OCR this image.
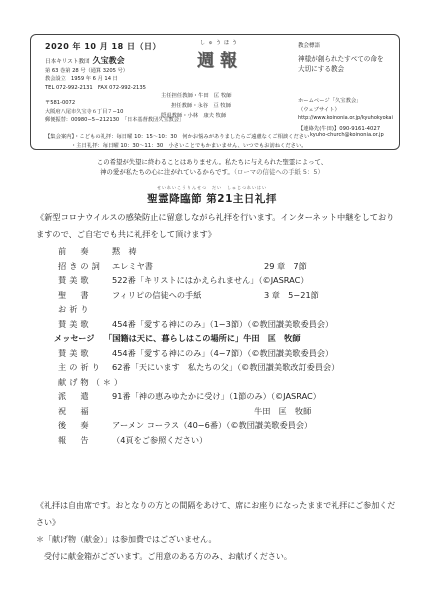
2020 年 10 月 18 日（日）
日本キリスト教団 久宝教会
第 63 巻第 28 号（通算 3205 号）
教会設立　1959 年 6 月 14 日
TEL 072-992-2131　FAX 072-992-2135
しゅうほう
週報
主任担任教師・牛田　匡 牧師
担任教師・永谷　亘 牧師
隠退教師・小林　康夫 牧師
教会標語
神様が創られたすべての命を
大切にする教会
ホームページ「久宝教会」
（ウェブサイト）
http://www.koinonia.or.jp/kyuhokyokai
【連絡先(牛田)】090-9161-4027
kyuho-church@koinonia.or.jp
〒581-0072
大阪府八尾市久宝寺６丁目７−10
郵便振替：00980−5−212130　「日本基督教団久宝教会」
【集会案内】・こどもの礼拝：毎日曜 10：15～10：30　何かお悩みがありましたらご遠慮なくご相談ください
・主日礼拝：毎日曜 10：30～11：30　小さいことでもかまいません、いつでもお訪ねください。
この希望が失望に終わることはありません。私たちに与えられた聖霊によって、
神の愛が私たちの心に注がれているからです。（ローマの信徒への手紙 5：5）
せいれいこうりんせつ　だい　しゅじつれいはい
聖霊降臨節 第21主日礼拝
《新型コロナウイルスの感染防止に留意しながら礼拝を行います。インターネット中継をしておりますので、ご自宅でも共に礼拝をして頂けます》
前　奏 黙　祷
招きの詞 エレミヤ書	29 章　7節
賛美歌 522番「キリストにはかえられません」（©JASRAC）
聖　書 フィリピの信徒への手紙	3 章　5−21節
お祈り
賛美歌 454番「愛する神にのみ」（1−3節）（©教団讃美歌委員会）
メッセージ 「国籍は天に、暮らしはこの場所に」牛田　匡　牧師
賛美歌 454番「愛する神にのみ」（4−7節）（©教団讃美歌委員会）
主の祈り 62番「天にいます　私たちの父」（©教団讃美歌改訂委員会）
献げ物（＊）
派　遣 91番「神の恵みゆたかに受け」（1節のみ）（©JASRAC）
祝　福	牛田　匡　牧師
後　奏 アーメン コーラス（40−6番）（©教団讃美歌委員会）
報　告 （4頁をご参照ください）
《礼拝は自由席です。おとなりの方との間隔をあけて、席にお座りになったままで礼拝にご参加ください》
＊「献げ物（献金）」は参加費ではございません。
　受付に献金箱がございます。ご用意のある方のみ、お献げください。
